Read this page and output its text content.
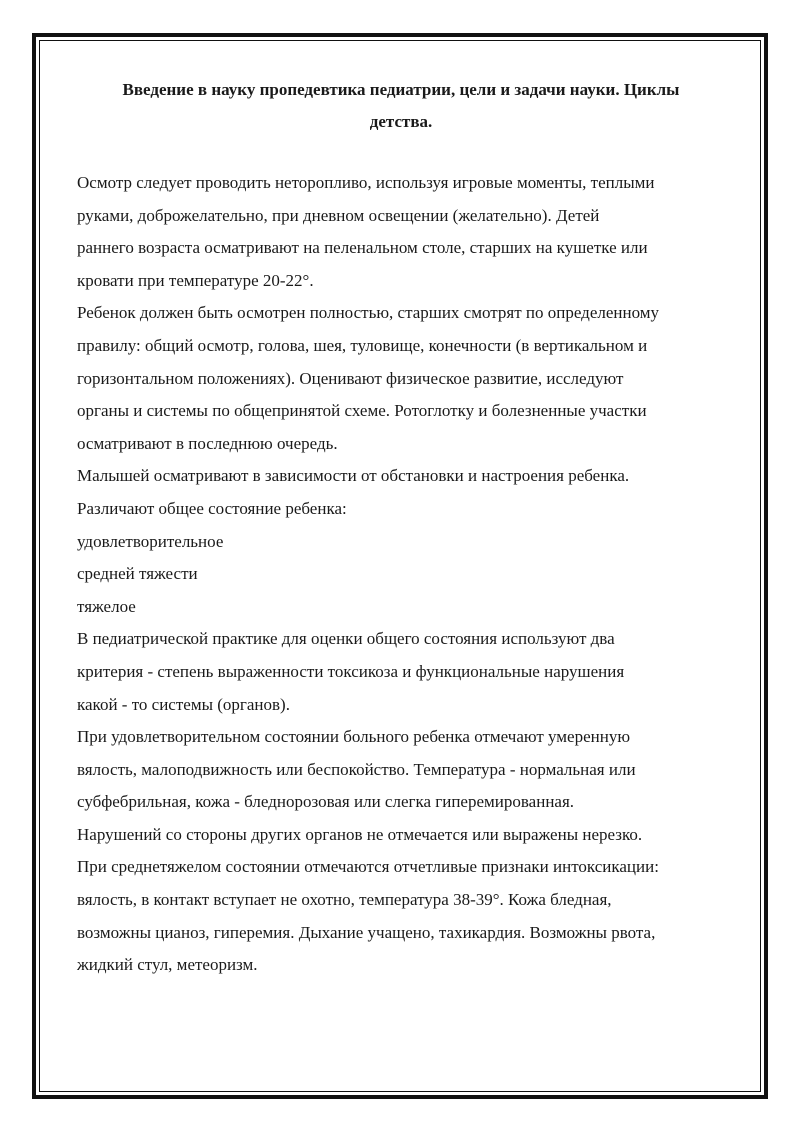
Введение в науку пропедевтика педиатрии, цели и задачи науки. Циклы
детства.
Осмотр следует проводить неторопливо, используя игровые моменты, теплыми
руками, доброжелательно, при дневном освещении (желательно). Детей
раннего возраста осматривают на пеленальном столе, старших на кушетке или
кровати при температуре 20-22°.
Ребенок должен быть осмотрен полностью, старших смотрят по определенному
правилу: общий осмотр, голова, шея, туловище, конечности (в вертикальном и
горизонтальном положениях). Оценивают физическое развитие, исследуют
органы и системы по общепринятой схеме. Ротоглотку и болезненные участки
осматривают в последнюю очередь.
Малышей осматривают в зависимости от обстановки и настроения ребенка.
Различают общее состояние ребенка:
удовлетворительное
средней тяжести
тяжелое
В педиатрической практике для оценки общего состояния используют два
критерия - степень выраженности токсикоза и функциональные нарушения
какой - то системы (органов).
При удовлетворительном состоянии больного ребенка отмечают умеренную
вялость, малоподвижность или беспокойство. Температура - нормальная или
субфебрильная, кожа - бледнорозовая или слегка гиперемированная.
Нарушений со стороны других органов не отмечается или выражены нерезко.
При среднетяжелом состоянии отмечаются отчетливые признаки интоксикации:
вялость, в контакт вступает не охотно, температура 38-39°. Кожа бледная,
возможны цианоз, гиперемия. Дыхание учащено, тахикардия. Возможны рвота,
жидкий стул, метеоризм.
